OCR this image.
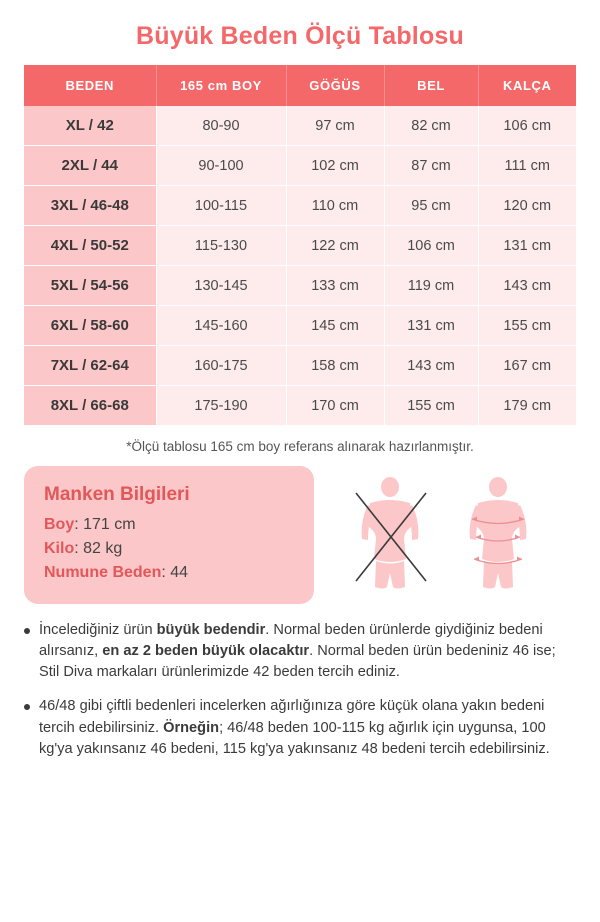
Büyük Beden Ölçü Tablosu
BEDEN	165 cm BOY	GÖĞÜS	BEL	KALÇA
XL / 42	80-90	97 cm	82 cm	106 cm
2XL / 44	90-100	102 cm	87 cm	111 cm
3XL / 46-48	100-115	110 cm	95 cm	120 cm
4XL / 50-52	115-130	122 cm	106 cm	131 cm
5XL / 54-56	130-145	133 cm	119 cm	143 cm
6XL / 58-60	145-160	145 cm	131 cm	155 cm
7XL / 62-64	160-175	158 cm	143 cm	167 cm
8XL / 66-68	175-190	170 cm	155 cm	179 cm
*Ölçü tablosu 165 cm boy referans alınarak hazırlanmıştır.
Manken Bilgileri
Boy: 171 cm
Kilo: 82 kg
Numune Beden: 44
İncelediğiniz ürün büyük bedendir. Normal beden ürünlerde giydiğiniz bedeni alırsanız, en az 2 beden büyük olacaktır. Normal beden ürün bedeniniz 46 ise; Stil Diva markaları ürünlerimizde 42 beden tercih ediniz.
46/48 gibi çiftli bedenleri incelerken ağırlığınıza göre küçük olana yakın bedeni tercih edebilirsiniz. Örneğin; 46/48 beden 100-115 kg ağırlık için uygunsa, 100 kg'ya yakınsanız 46 bedeni, 115 kg'ya yakınsanız 48 bedeni tercih edebilirsiniz.
